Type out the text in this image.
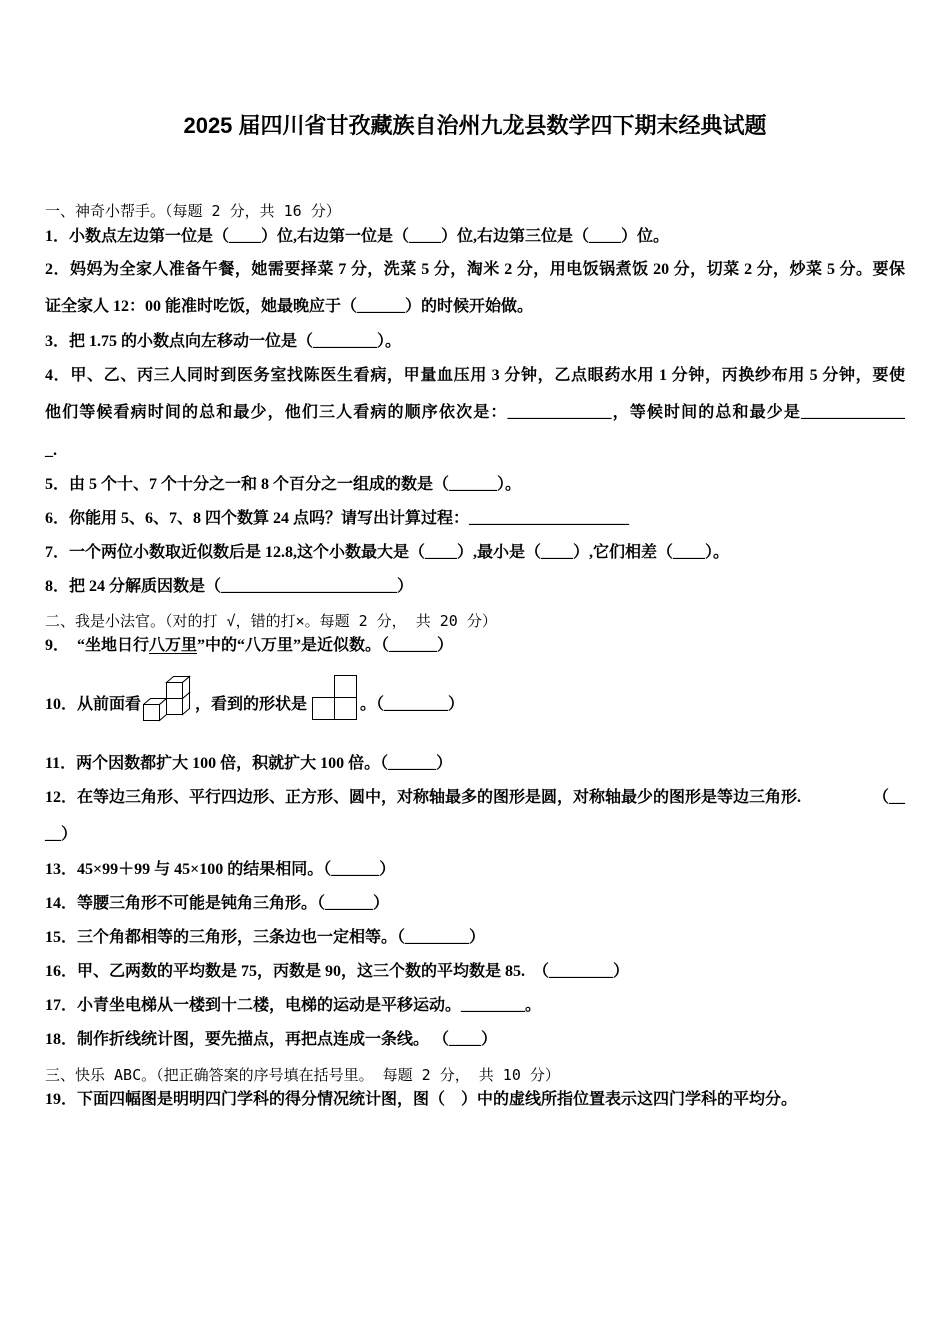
2025 届四川省甘孜藏族自治州九龙县数学四下期末经典试题
一、神奇小帮手。（每题 2 分，共 16 分）
1．小数点左边第一位是（____）位,右边第一位是（____）位,右边第三位是（____）位。
2．妈妈为全家人准备午餐，她需要择菜 7 分，洗菜 5 分，淘米 2 分，用电饭锅煮饭 20 分，切菜 2 分，炒菜 5 分。要保
证全家人 12：00 能准时吃饭，她最晚应于（______）的时候开始做。
3．把 1.75 的小数点向左移动一位是（________）。
4．甲、乙、丙三人同时到医务室找陈医生看病，甲量血压用 3 分钟，乙点眼药水用 1 分钟，丙换纱布用 5 分钟，要使
他们等候看病时间的总和最少，他们三人看病的顺序依次是：_____________，等候时间的总和最少是_____________
_.
5．由 5 个十、7 个十分之一和 8 个百分之一组成的数是（______）。
6．你能用 5、6、7、8 四个数算 24 点吗？请写出计算过程：____________________
7．一个两位小数取近似数后是 12.8,这个小数最大是（____）,最小是（____）,它们相差（____）。
8．把 24 分解质因数是（______________________）
二、我是小法官。（对的打 √，错的打×。每题 2 分， 共 20 分）
9．  “坐地日行八万里”中的“八万里”是近似数。（______）
10．从前面看	，看到的形状是	。（________）
11．两个因数都扩大 100 倍，积就扩大 100 倍。（______）
12．在等边三角形、平行四边形、正方形、圆中，对称轴最多的图形是圆，对称轴最少的图形是等边三角形.	（__
__）
13．45×99＋99 与 45×100 的结果相同。（______）
14．等腰三角形不可能是钝角三角形。（______）
15．三个角都相等的三角形，三条边也一定相等。（________）
16．甲、乙两数的平均数是 75，丙数是 90，这三个数的平均数是 85.  （________）
17．小青坐电梯从一楼到十二楼，电梯的运动是平移运动。________。
18．制作折线统计图，要先描点，再把点连成一条线。 （____）
三、快乐 ABC。（把正确答案的序号填在括号里。 每题 2 分， 共 10 分）
19．下面四幅图是明明四门学科的得分情况统计图，图（    ）中的虚线所指位置表示这四门学科的平均分。
